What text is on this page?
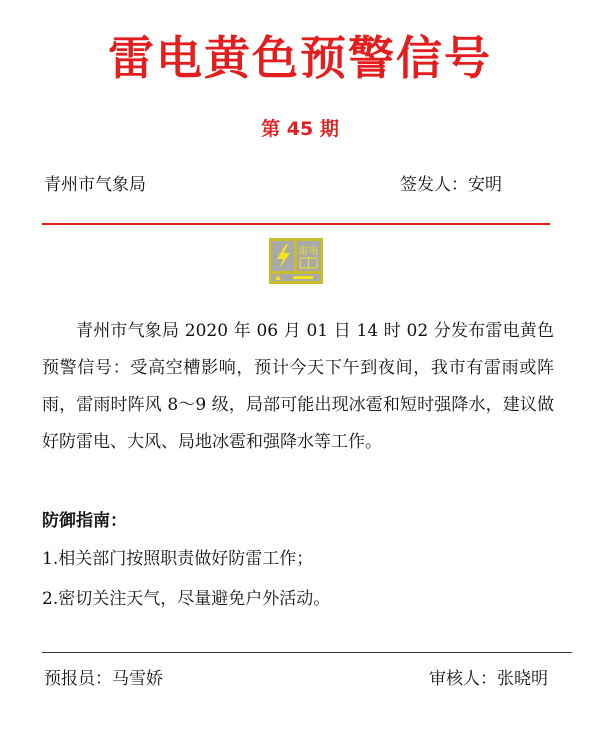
雷电黄色预警信号
第 45 期
青州市气象局	签发人：安明
雷电

青州市气象局 2020 年 06 月 01 日 14 时 02 分发布雷电黄色预警信号：受高空槽影响，预计今天下午到夜间，我市有雷雨或阵雨，雷雨时阵风 8～9 级，局部可能出现冰雹和短时强降水，建议做好防雷电、大风、局地冰雹和强降水等工作。

防御指南：
1.相关部门按照职责做好防雷工作；
2.密切关注天气，尽量避免户外活动。
预报员：马雪娇	审核人：张晓明
